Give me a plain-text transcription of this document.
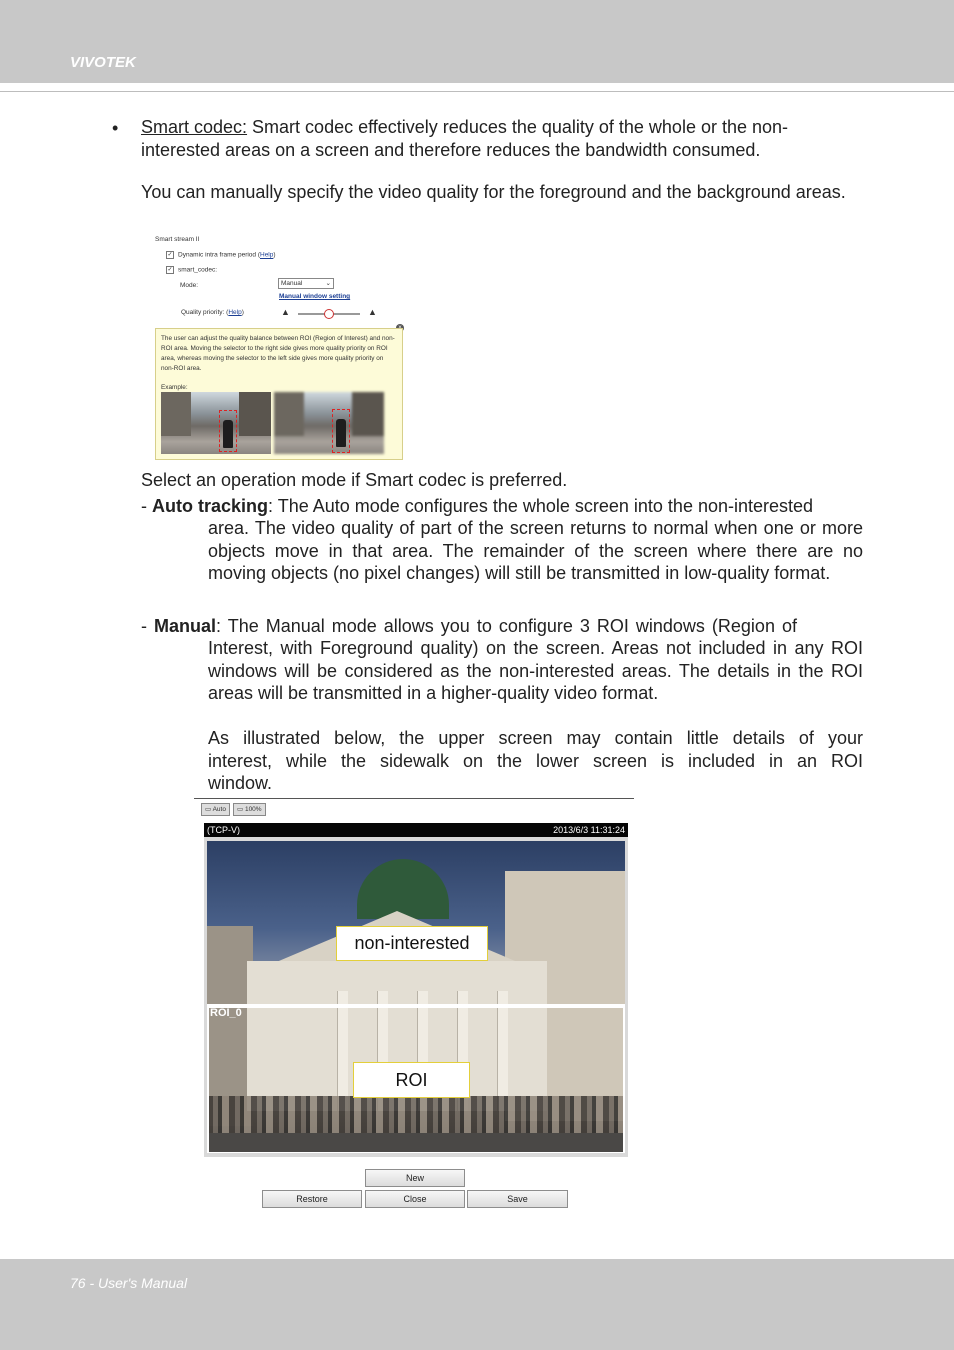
VIVOTEK
• Smart codec: Smart codec effectively reduces the quality of the whole or the non-
interested areas on a screen and therefore reduces the bandwidth consumed.
You can manually specify the video quality for the foreground and the background areas.
Smart stream II
✓ Dynamic intra frame period (Help)
✓ smart_codec:
Mode:	Manual	⌄
Manual window setting
Quality priority: (Help)	▲	▲
The user can adjust the quality balance between ROI (Region of Interest) and non-ROI area. Moving the selector to the right side gives more quality priority on ROI area, whereas moving the selector to the left side gives more quality priority on non-ROI area.
Example:
Select an operation mode if Smart codec is preferred.
- Auto tracking: The Auto mode configures the whole screen into the non-interested
area. The video quality of part of the screen returns to normal when one or more objects move in that area. The remainder of the screen where there are no moving objects (no pixel changes) will still be transmitted in low-quality format.
- Manual: The Manual mode allows you to configure 3 ROI windows (Region of
Interest, with Foreground quality) on the screen. Areas not included in any ROI windows will be considered as the non-interested areas. The details in the ROI areas will be transmitted in a higher-quality video format.
As illustrated below, the upper screen may contain little details of your interest, while the sidewalk on the lower screen is included in an ROI window.
▭ Auto	▭ 100%
(TCP-V)	2013/6/3 11:31:24
ROI_0
non-interested
ROI
New
Restore	Close	Save
76 - User's Manual
